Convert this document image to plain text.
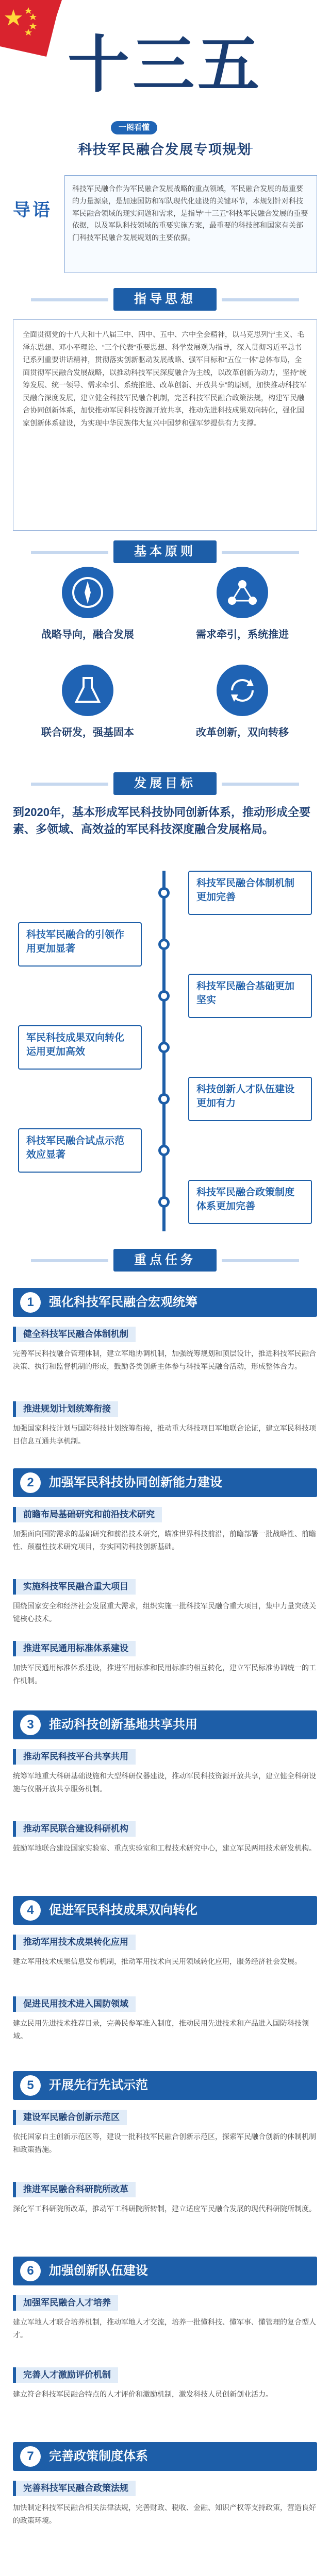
十三五
一图看懂
科技军民融合发展专项规划
导语
科技军民融合作为军民融合发展战略的重点领域，军民融合发展的最重要的力量源泉，是加速国防和军队现代化建设的关键环节，本规划针对科技军民融合领域的现实问题和需求，是指导“十三五”科技军民融合发展的重要依据，以及军队科技领域的重要实施方案，最重要的科技部和国家有关部门科技军民融合发展规划的主要依据。
指导思想
全面贯彻党的十八大和十八届三中、四中、五中、六中全会精神，以马克思列宁主义、毛泽东思想、邓小平理论、“三个代表”重要思想、科学发展观为指导，深入贯彻习近平总书记系列重要讲话精神，贯彻落实创新驱动发展战略、强军目标和“五位一体”总体布局，全面贯彻军民融合发展战略，以推动科技军民深度融合为主线，以改革创新为动力，坚持“统筹发展、统一领导、需求牵引、系统推进、改革创新、开放共享”的原则，加快推动科技军民融合深度发展，建立健全科技军民融合机制，完善科技军民融合政策法规，构建军民融合协同创新体系，加快推动军民科技资源开放共享，推动先进科技成果双向转化，强化国家创新体系建设，为实现中华民族伟大复兴中国梦和强军梦提供有力支撑。
基本原则
战略导向，融合发展	需求牵引，系统推进
联合研发，强基固本	改革创新，双向转移
发展目标
到2020年，基本形成军民科技协同创新体系，推动形成全要素、多领域、高效益的军民科技深度融合发展格局。
科技军民融合体制机制更加完善
科技军民融合的引领作用更加显著
科技军民融合基础更加坚实
军民科技成果双向转化运用更加高效
科技创新人才队伍建设更加有力
科技军民融合试点示范效应显著
科技军民融合政策制度体系更加完善
重点任务
1	强化科技军民融合宏观统筹
健全科技军民融合体制机制
完善军民科技融合管理体制，建立军地协调机制，加强统筹规划和顶层设计，推进科技军民融合决策、执行和监督机制的形成，鼓励各类创新主体参与科技军民融合活动，形成整体合力。
推进规划计划统筹衔接
加强国家科技计划与国防科技计划统筹衔接，推动重大科技项目军地联合论证，建立军民科技项目信息互通共享机制。
2	加强军民科技协同创新能力建设
前瞻布局基础研究和前沿技术研究
加强面向国防需求的基础研究和前沿技术研究，瞄准世界科技前沿，前瞻部署一批战略性、前瞻性、颠覆性技术研究项目，夯实国防科技创新基础。
实施科技军民融合重大项目
围绕国家安全和经济社会发展重大需求，组织实施一批科技军民融合重大项目，集中力量突破关键核心技术。
推进军民通用标准体系建设
加快军民通用标准体系建设，推进军用标准和民用标准的相互转化，建立军民标准协调统一的工作机制。
3	推动科技创新基地共享共用
推动军民科技平台共享共用
统筹军地重大科研基础设施和大型科研仪器建设，推动军民科技资源开放共享，建立健全科研设施与仪器开放共享服务机制。
推动军民联合建设科研机构
鼓励军地联合建设国家实验室、重点实验室和工程技术研究中心，建立军民两用技术研发机构。
4	促进军民科技成果双向转化
推动军用技术成果转化应用
建立军用技术成果信息发布机制，推动军用技术向民用领域转化应用，服务经济社会发展。
促进民用技术进入国防领域
建立民用先进技术推荐目录，完善民参军准入制度，推动民用先进技术和产品进入国防科技领域。
5	开展先行先试示范
建设军民融合创新示范区
依托国家自主创新示范区等，建设一批科技军民融合创新示范区，探索军民融合创新的体制机制和政策措施。
推进军民融合科研院所改革
深化军工科研院所改革，推动军工科研院所转制，建立适应军民融合发展的现代科研院所制度。
6	加强创新队伍建设
加强军民融合人才培养
建立军地人才联合培养机制，推动军地人才交流，培养一批懂科技、懂军事、懂管理的复合型人才。
完善人才激励评价机制
建立符合科技军民融合特点的人才评价和激励机制，激发科技人员创新创业活力。
7	完善政策制度体系
完善科技军民融合政策法规
加快制定科技军民融合相关法律法规，完善财政、税收、金融、知识产权等支持政策，营造良好的政策环境。
